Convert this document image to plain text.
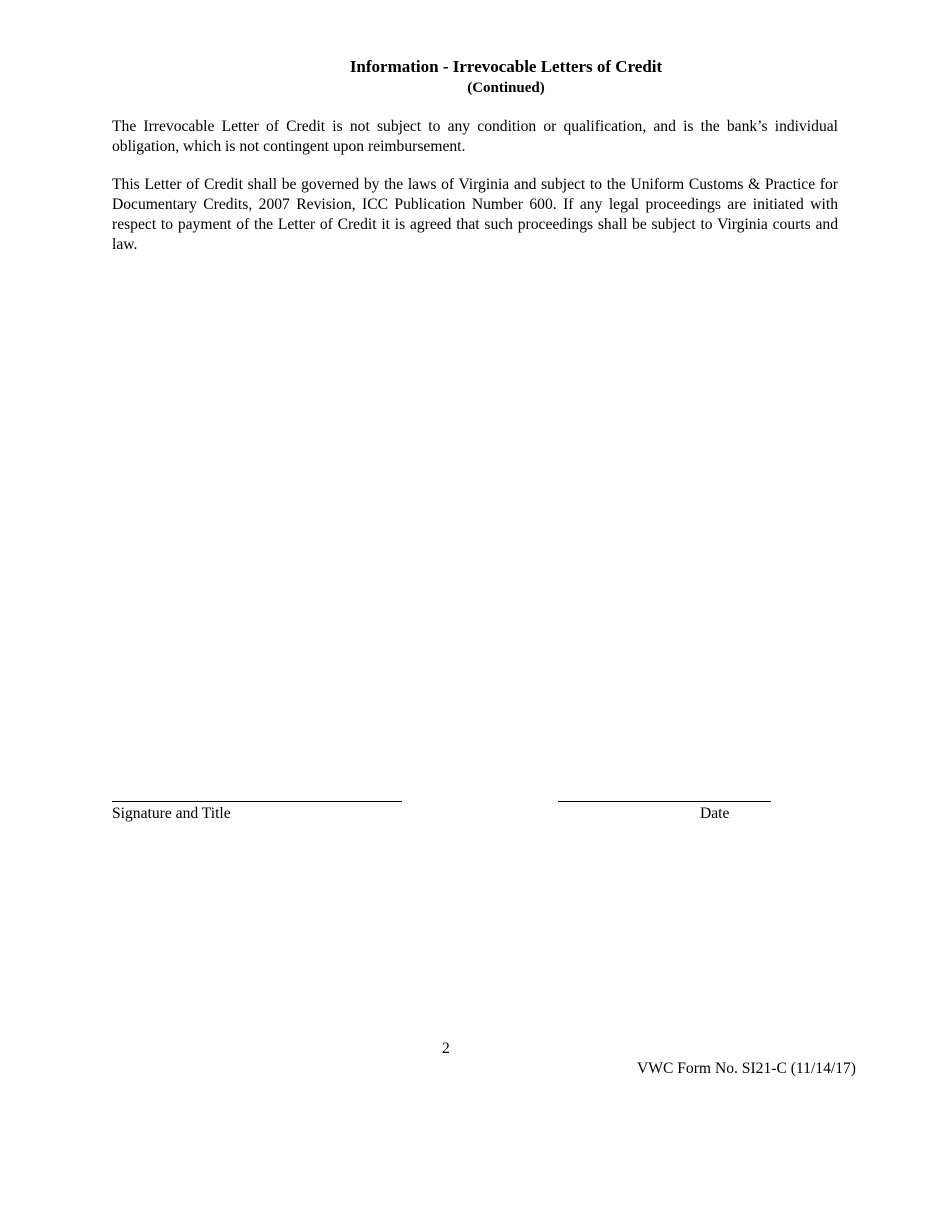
Information - Irrevocable Letters of Credit
(Continued)

The Irrevocable Letter of Credit is not subject to any condition or qualification, and is the bank’s individual obligation, which is not contingent upon reimbursement.

This Letter of Credit shall be governed by the laws of Virginia and subject to the Uniform Customs & Practice for Documentary Credits, 2007 Revision, ICC Publication Number 600. If any legal proceedings are initiated with respect to payment of the Letter of Credit it is agreed that such proceedings shall be subject to Virginia courts and law.

Signature and Title	Date
2
VWC Form No. SI21-C (11/14/17)
